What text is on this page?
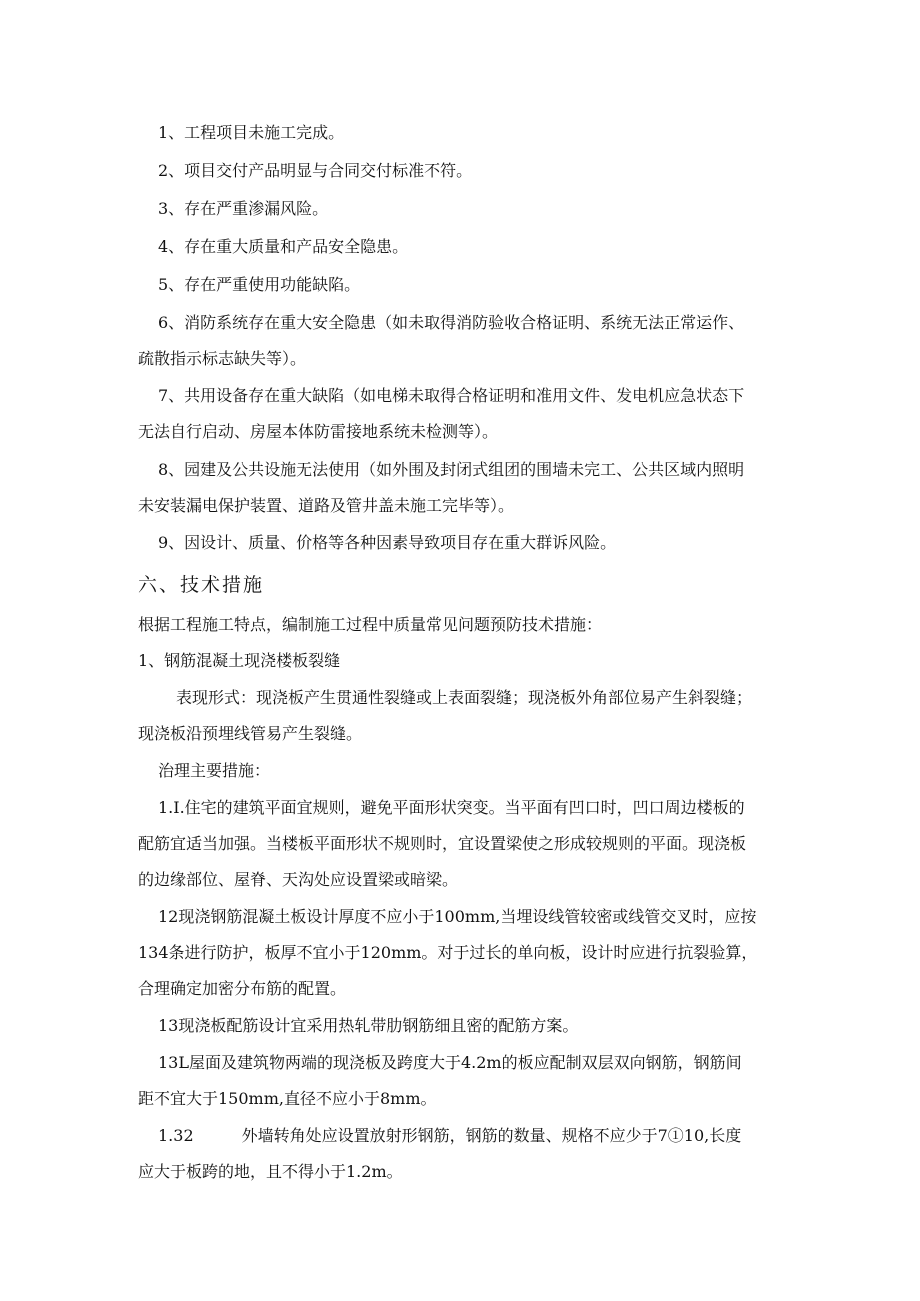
1、工程项目未施工完成。
2、项目交付产品明显与合同交付标准不符。
3、存在严重渗漏风险。
4、存在重大质量和产品安全隐患。
5、存在严重使用功能缺陷。
6、消防系统存在重大安全隐患（如未取得消防验收合格证明、系统无法正常运作、
疏散指示标志缺失等）。
7、共用设备存在重大缺陷（如电梯未取得合格证明和准用文件、发电机应急状态下
无法自行启动、房屋本体防雷接地系统未检测等）。
8、园建及公共设施无法使用（如外围及封闭式组团的围墙未完工、公共区域内照明
未安装漏电保护装置、道路及管井盖未施工完毕等）。
9、因设计、质量、价格等各种因素导致项目存在重大群诉风险。
六、技术措施
根据工程施工特点，编制施工过程中质量常见问题预防技术措施：
1、钢筋混凝土现浇楼板裂缝
表现形式：现浇板产生贯通性裂缝或上表面裂缝；现浇板外角部位易产生斜裂缝；
现浇板沿预埋线管易产生裂缝。
治理主要措施：
1.I.住宅的建筑平面宜规则，避免平面形状突变。当平面有凹口时，凹口周边楼板的
配筋宜适当加强。当楼板平面形状不规则时，宜设置梁使之形成较规则的平面。现浇板
的边缘部位、屋脊、天沟处应设置梁或暗梁。
12现浇钢筋混凝土板设计厚度不应小于100mm,当埋设线管较密或线管交叉时，应按
134条进行防护，板厚不宜小于120mm。对于过长的单向板，设计时应进行抗裂验算，
合理确定加密分布筋的配置。
13现浇板配筋设计宜采用热轧带肋钢筋细且密的配筋方案。
13L屋面及建筑物两端的现浇板及跨度大于4.2m的板应配制双层双向钢筋，钢筋间
距不宜大于150mm,直径不应小于8mm。
1.32	外墙转角处应设置放射形钢筋，钢筋的数量、规格不应少于7①10,长度
应大于板跨的地，且不得小于1.2m。
